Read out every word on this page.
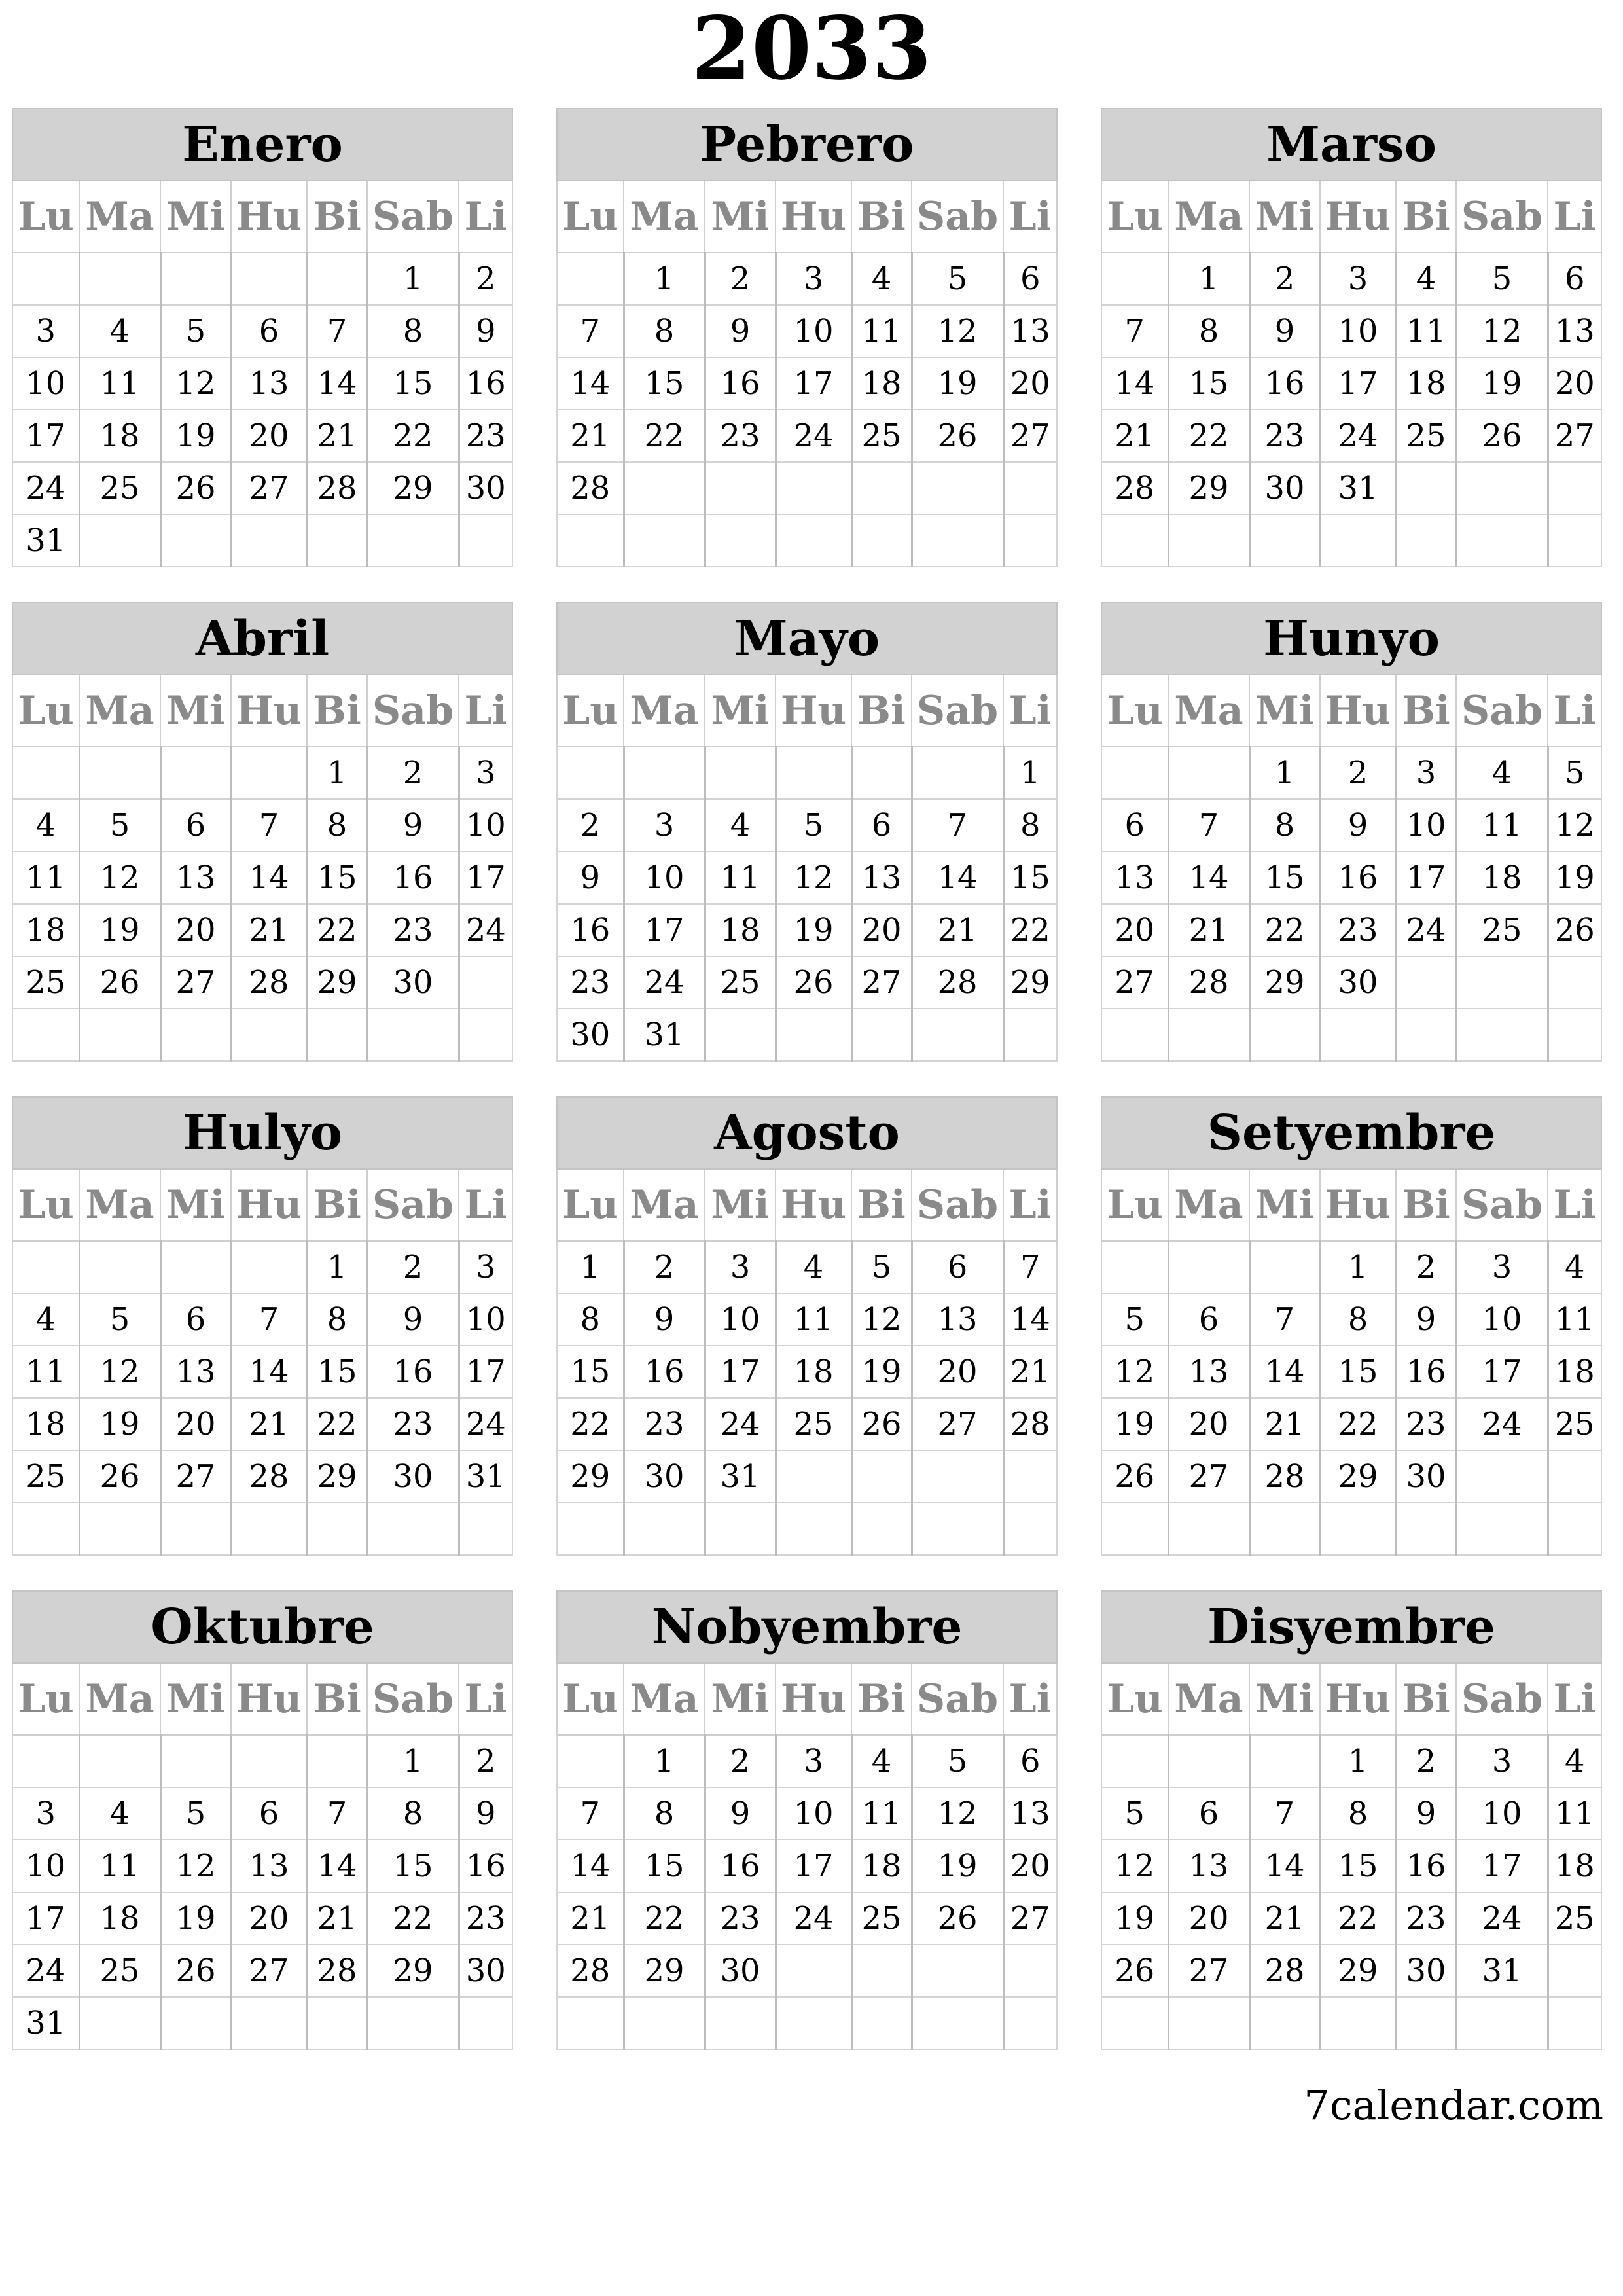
2033
Enero						
Lu	Ma	Mi	Hu	Bi	Sab	Li
					1	2
3	4	5	6	7	8	9
10	11	12	13	14	15	16
17	18	19	20	21	22	23
24	25	26	27	28	29	30
31						
Pebrero						
Lu	Ma	Mi	Hu	Bi	Sab	Li
	1	2	3	4	5	6
7	8	9	10	11	12	13
14	15	16	17	18	19	20
21	22	23	24	25	26	27
28						

Marso						
Lu	Ma	Mi	Hu	Bi	Sab	Li
	1	2	3	4	5	6
7	8	9	10	11	12	13
14	15	16	17	18	19	20
21	22	23	24	25	26	27
28	29	30	31			

Abril						
Lu	Ma	Mi	Hu	Bi	Sab	Li
				1	2	3
4	5	6	7	8	9	10
11	12	13	14	15	16	17
18	19	20	21	22	23	24
25	26	27	28	29	30	

Mayo						
Lu	Ma	Mi	Hu	Bi	Sab	Li
						1
2	3	4	5	6	7	8
9	10	11	12	13	14	15
16	17	18	19	20	21	22
23	24	25	26	27	28	29
30	31					
Hunyo						
Lu	Ma	Mi	Hu	Bi	Sab	Li
		1	2	3	4	5
6	7	8	9	10	11	12
13	14	15	16	17	18	19
20	21	22	23	24	25	26
27	28	29	30			

Hulyo						
Lu	Ma	Mi	Hu	Bi	Sab	Li
				1	2	3
4	5	6	7	8	9	10
11	12	13	14	15	16	17
18	19	20	21	22	23	24
25	26	27	28	29	30	31

Agosto						
Lu	Ma	Mi	Hu	Bi	Sab	Li
1	2	3	4	5	6	7
8	9	10	11	12	13	14
15	16	17	18	19	20	21
22	23	24	25	26	27	28
29	30	31				

Setyembre						
Lu	Ma	Mi	Hu	Bi	Sab	Li
			1	2	3	4
5	6	7	8	9	10	11
12	13	14	15	16	17	18
19	20	21	22	23	24	25
26	27	28	29	30		

Oktubre						
Lu	Ma	Mi	Hu	Bi	Sab	Li
					1	2
3	4	5	6	7	8	9
10	11	12	13	14	15	16
17	18	19	20	21	22	23
24	25	26	27	28	29	30
31						
Nobyembre						
Lu	Ma	Mi	Hu	Bi	Sab	Li
	1	2	3	4	5	6
7	8	9	10	11	12	13
14	15	16	17	18	19	20
21	22	23	24	25	26	27
28	29	30				

Disyembre						
Lu	Ma	Mi	Hu	Bi	Sab	Li
			1	2	3	4
5	6	7	8	9	10	11
12	13	14	15	16	17	18
19	20	21	22	23	24	25
26	27	28	29	30	31	

7calendar.com
